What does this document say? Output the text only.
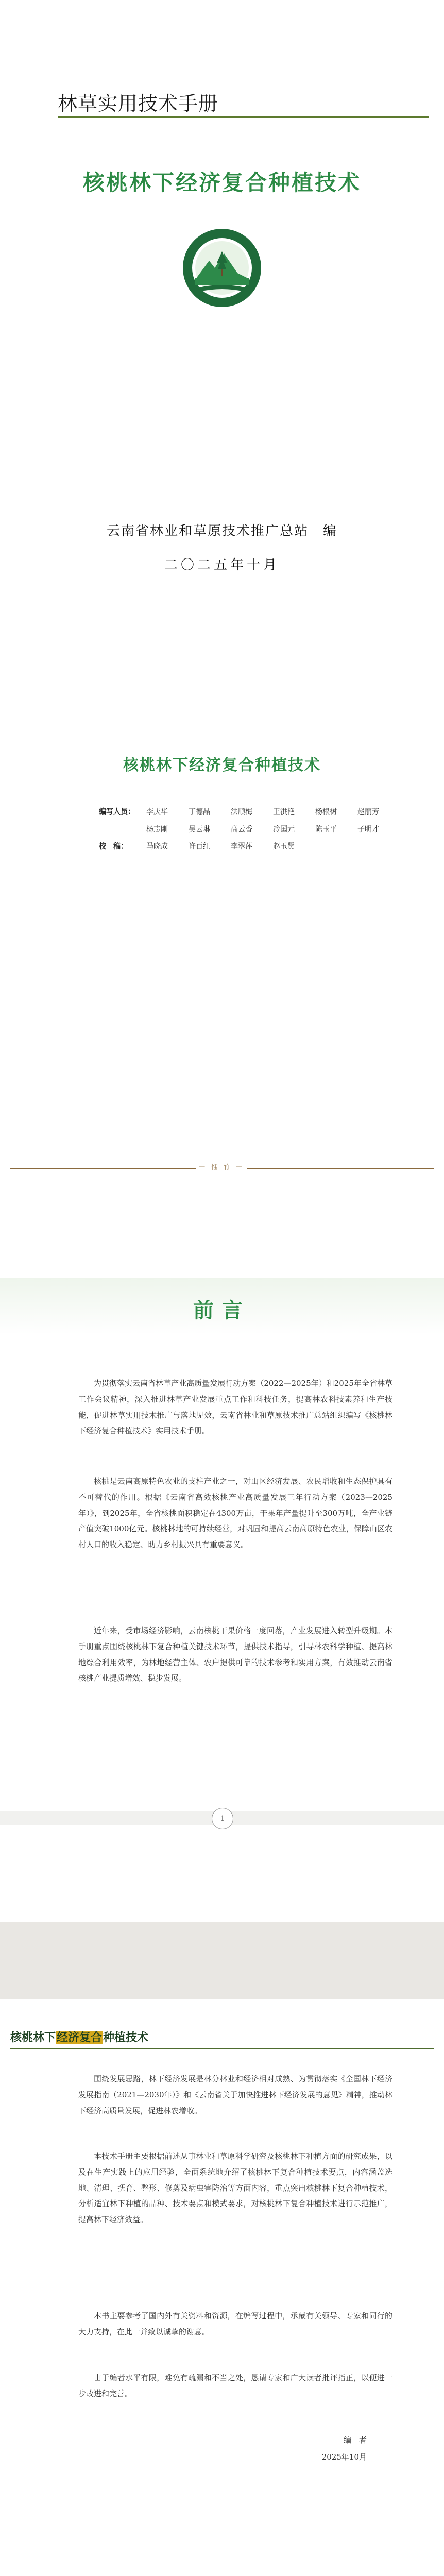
林草实用技术手册
核桃林下经济复合种植技术
云南省林业和草原技术推广总站　编
二〇二五年十月
核桃林下经济复合种植技术
编写人员：	李庆华	丁德晶	洪顺梅	王洪艳	杨根树	赵丽芳
杨志刚	吴云琳	高云香	冷国元	陈玉平	子明才
校　稿：	马晓成	许百红	李翠萍	赵玉贤
一 惟 竹 一
前言
为贯彻落实云南省林草产业高质量发展行动方案（2022—2025年）和2025年全省林草工作会议精神，深入推进林草产业发展重点工作和科技任务，提高林农科技素养和生产技能，促进林草实用技术推广与落地见效，云南省林业和草原技术推广总站组织编写《核桃林下经济复合种植技术》实用技术手册。
核桃是云南高原特色农业的支柱产业之一，对山区经济发展、农民增收和生态保护具有不可替代的作用。根据《云南省高效核桃产业高质量发展三年行动方案（2023—2025年）》，到2025年，全省核桃面积稳定在4300万亩，干果年产量提升至300万吨，全产业链产值突破1000亿元。核桃林地的可持续经营，对巩固和提高云南高原特色农业，保障山区农村人口的收入稳定、助力乡村振兴具有重要意义。
近年来，受市场经济影响，云南核桃干果价格一度回落，产业发展进入转型升级期。本手册重点围绕核桃林下复合种植关键技术环节，提供技术指导，引导林农科学种植、提高林地综合利用效率，为林地经营主体、农户提供可靠的技术参考和实用方案，有效推动云南省核桃产业提质增效、稳步发展。
1
核桃林下经济复合种植技术
围绕发展思路，林下经济发展是林分林业和经济相对成熟、为贯彻落实《全国林下经济发展指南（2021—2030年）》和《云南省关于加快推进林下经济发展的意见》精神，推动林下经济高质量发展，促进林农增收。
本技术手册主要根据前述从事林业和草原科学研究及核桃林下种植方面的研究成果，以及在生产实践上的应用经验，全面系统地介绍了核桃林下复合种植技术要点，内容涵盖选地、清理、抚育、整形、修剪及病虫害防治等方面内容，重点突出核桃林下复合种植技术，分析适宜林下种植的品种、技术要点和模式要求，对核桃林下复合种植技术进行示范推广，提高林下经济效益。
本书主要参考了国内外有关资料和资源，在编写过程中，承蒙有关领导、专家和同行的大力支持，在此一并致以诚挚的谢意。
由于编者水平有限，难免有疏漏和不当之处，恳请专家和广大读者批评指正，以便进一步改进和完善。
编　者
2025年10月
